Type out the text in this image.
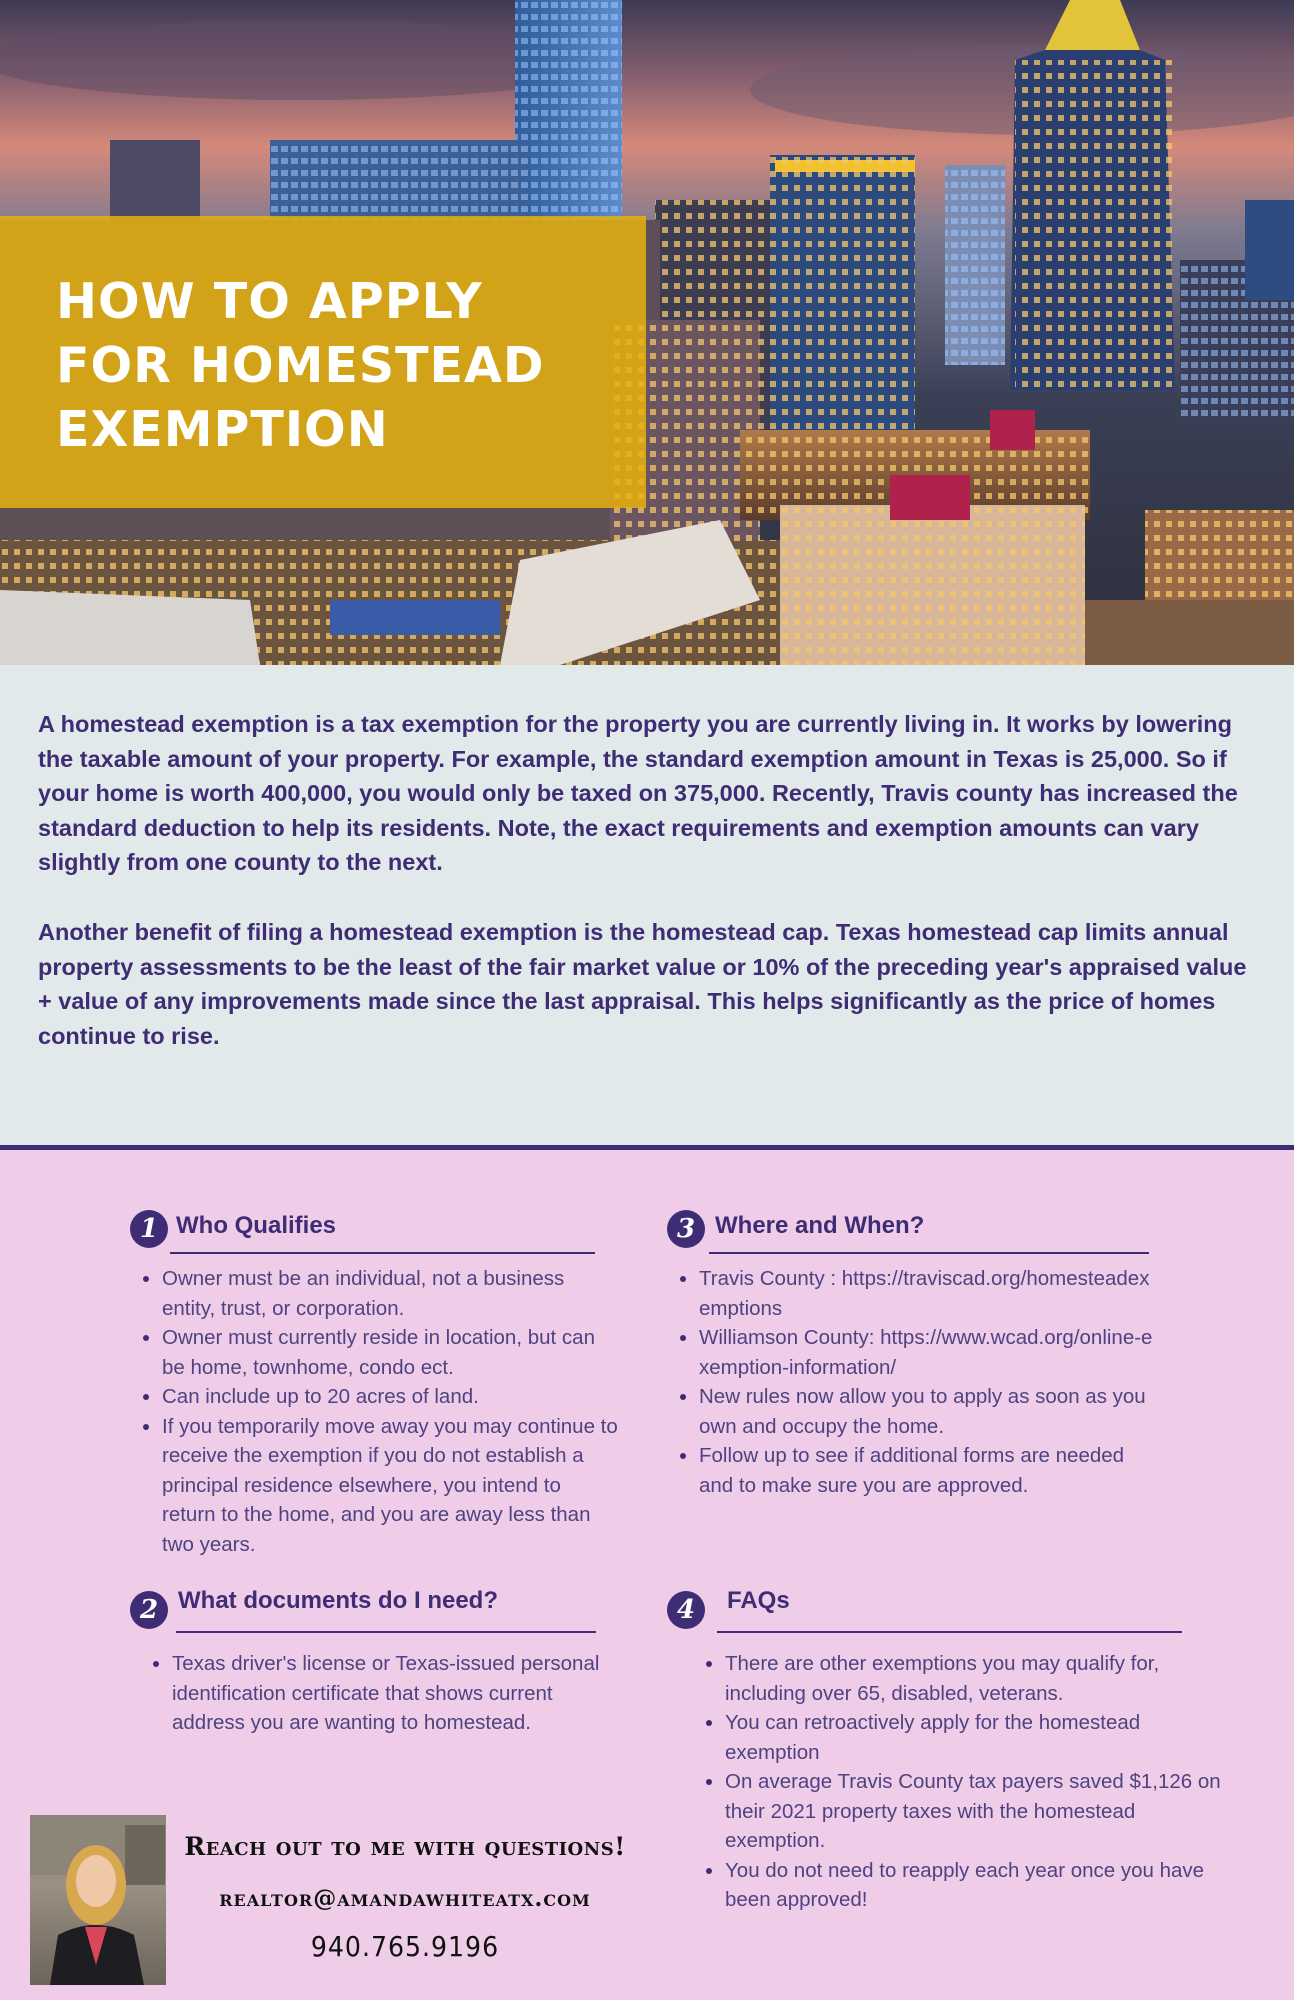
HOW TO APPLY
FOR HOMESTEAD
EXEMPTION

A homestead exemption is a tax exemption for the property you are currently living in. It works by lowering the taxable amount of your property. For example, the standard exemption amount in Texas is 25,000. So if your home is worth 400,000, you would only be taxed on 375,000. Recently, Travis county has increased the standard deduction to help its residents. Note, the exact requirements and exemption amounts can vary slightly from one county to the next.

Another benefit of filing a homestead exemption is the homestead cap. Texas homestead cap limits annual property assessments to be the least of the fair market value or 10% of the preceding year's appraised value + value of any improvements made since the last appraisal. This helps significantly as the price of homes continue to rise.

1 Who Qualifies
• Owner must be an individual, not a business entity, trust, or corporation.
• Owner must currently reside in location, but can be home, townhome, condo ect.
• Can include up to 20 acres of land.
• If you temporarily move away you may continue to receive the exemption if you do not establish a principal residence elsewhere, you intend to return to the home, and you are away less than two years.
3 Where and When?
• Travis County : https://traviscad.org/homesteadexemptions
• Williamson County: https://www.wcad.org/online-exemption-information/
• New rules now allow you to apply as soon as you own and occupy the home.
• Follow up to see if additional forms are needed and to make sure you are approved.
2 What documents do I need?
• Texas driver's license or Texas-issued personal identification certificate that shows current address you are wanting to homestead.
4	FAQs
• There are other exemptions you may qualify for, including over 65, disabled, veterans.
• You can retroactively apply for the homestead exemption
• On average Travis County tax payers saved $1,126 on their 2021 property taxes with the homestead exemption.
• You do not need to reapply each year once you have been approved!
Reach out to me with questions!
realtor@amandawhiteatx.com
940.765.9196
